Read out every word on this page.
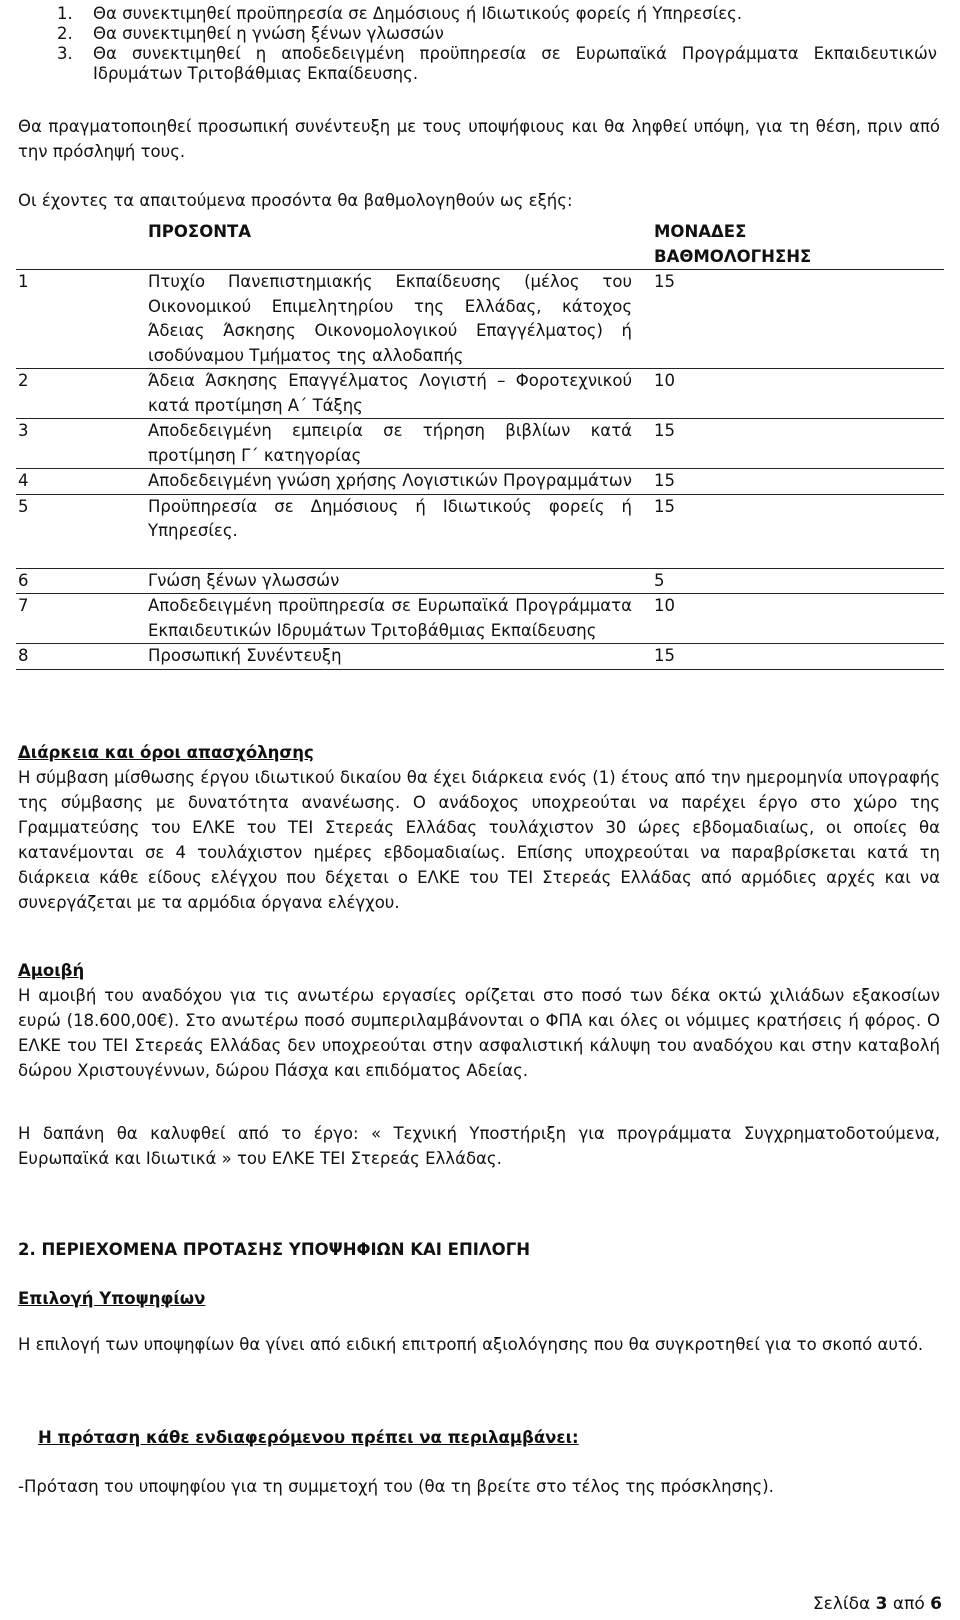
1.	Θα συνεκτιμηθεί προϋπηρεσία σε Δημόσιους ή Ιδιωτικούς φορείς ή Υπηρεσίες.
2.	Θα συνεκτιμηθεί η γνώση ξένων γλωσσών
3.	Θα συνεκτιμηθεί η αποδεδειγμένη προϋπηρεσία σε Ευρωπαϊκά Προγράμματα Εκπαιδευτικών Ιδρυμάτων Τριτοβάθμιας Εκπαίδευσης.

Θα πραγματοποιηθεί προσωπική συνέντευξη με τους υποψήφιους και θα ληφθεί υπόψη, για τη θέση, πριν από την πρόσληψή τους.

Οι έχοντες τα απαιτούμενα προσόντα θα βαθμολογηθούν ως εξής:

	ΠΡΟΣΟΝΤΑ	ΜΟΝΑΔΕΣ
ΒΑΘΜΟΛΟΓΗΣΗΣ
1	Πτυχίο Πανεπιστημιακής Εκπαίδευσης (μέλος του Οικονομικού Επιμελητηρίου της Ελλάδας, κάτοχος Άδειας Άσκησης Οικονομολογικού Επαγγέλματος) ή ισοδύναμου Τμήματος της αλλοδαπής	15
2	Άδεια Άσκησης Επαγγέλματος Λογιστή – Φοροτεχνικού κατά προτίμηση Α΄ Τάξης	10
3	Αποδεδειγμένη εμπειρία σε τήρηση βιβλίων κατά προτίμηση Γ΄ κατηγορίας	15
4	Αποδεδειγμένη γνώση χρήσης Λογιστικών Προγραμμάτων	15
5	Προϋπηρεσία σε Δημόσιους ή Ιδιωτικούς φορείς ή Υπηρεσίες.	15
6	Γνώση ξένων γλωσσών	5
7	Αποδεδειγμένη προϋπηρεσία σε Ευρωπαϊκά Προγράμματα Εκπαιδευτικών Ιδρυμάτων Τριτοβάθμιας Εκπαίδευσης	10
8	Προσωπική Συνέντευξη	15
Διάρκεια και όροι απασχόλησης

Η σύμβαση μίσθωσης έργου ιδιωτικού δικαίου θα έχει διάρκεια ενός (1) έτους από την ημερομηνία υπογραφής της σύμβασης με δυνατότητα ανανέωσης. Ο ανάδοχος υποχρεούται να παρέχει έργο στο χώρο της Γραμματεύσης του ΕΛΚΕ του ΤΕΙ Στερεάς Ελλάδας τουλάχιστον 30 ώρες εβδομαδιαίως, οι οποίες θα κατανέμονται σε 4 τουλάχιστον ημέρες εβδομαδιαίως. Επίσης υποχρεούται να παραβρίσκεται κατά τη διάρκεια κάθε είδους ελέγχου που δέχεται ο ΕΛΚΕ του ΤΕΙ Στερεάς Ελλάδας από αρμόδιες αρχές και να συνεργάζεται με τα αρμόδια όργανα ελέγχου.

Αμοιβή

Η αμοιβή του αναδόχου για τις ανωτέρω εργασίες ορίζεται στο ποσό των δέκα οκτώ χιλιάδων εξακοσίων ευρώ (18.600,00€). Στο ανωτέρω ποσό συμπεριλαμβάνονται ο ΦΠΑ και όλες οι νόμιμες κρατήσεις ή φόρος. Ο ΕΛΚΕ του ΤΕΙ Στερεάς Ελλάδας δεν υποχρεούται στην ασφαλιστική κάλυψη του αναδόχου και στην καταβολή δώρου Χριστουγέννων, δώρου Πάσχα και επιδόματος Αδείας.

Η δαπάνη θα καλυφθεί από το έργο: « Τεχνική Υποστήριξη για προγράμματα Συγχρηματοδοτούμενα, Ευρωπαϊκά και Ιδιωτικά » του ΕΛΚΕ ΤΕΙ Στερεάς Ελλάδας.

2. ΠΕΡΙΕΧΟΜΕΝΑ ΠΡΟΤΑΣΗΣ ΥΠΟΨΗΦΙΩΝ ΚΑΙ ΕΠΙΛΟΓΗ
Επιλογή Υποψηφίων

Η επιλογή των υποψηφίων θα γίνει από ειδική επιτροπή αξιολόγησης που θα συγκροτηθεί για το σκοπό αυτό.

Η πρόταση κάθε ενδιαφερόμενου πρέπει να περιλαμβάνει:

-Πρόταση του υποψηφίου για τη συμμετοχή του (θα τη βρείτε στο τέλος της πρόσκλησης).

Σελίδα 3 από 6
